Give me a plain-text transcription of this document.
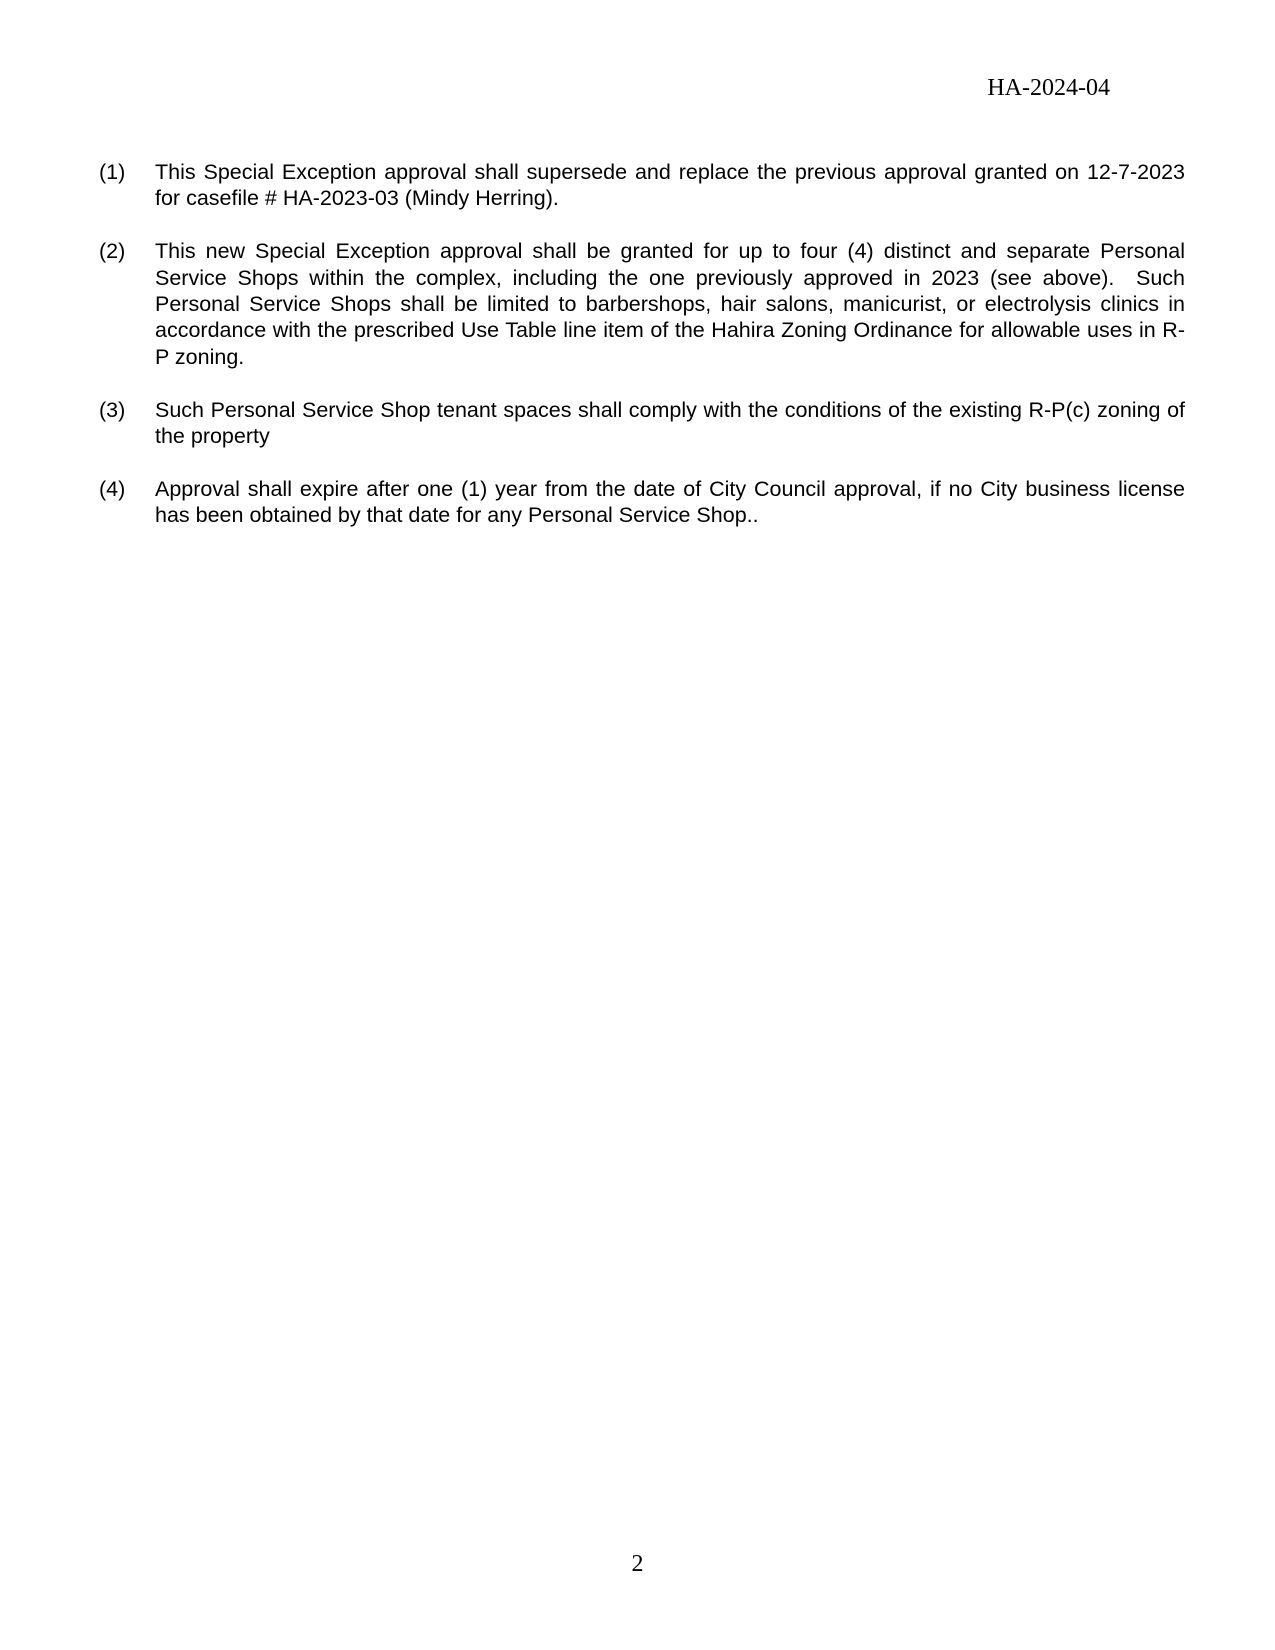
HA-2024-04
(1)	This Special Exception approval shall supersede and replace the previous approval granted on 12-7-2023 for casefile # HA-2023-03 (Mindy Herring).
(2)	This new Special Exception approval shall be granted for up to four (4) distinct and separate Personal Service Shops within the complex, including the one previously approved in 2023 (see above).  Such Personal Service Shops shall be limited to barbershops, hair salons, manicurist, or electrolysis clinics in accordance with the prescribed Use Table line item of the Hahira Zoning Ordinance for allowable uses in R-P zoning.
(3)	Such Personal Service Shop tenant spaces shall comply with the conditions of the existing R-P(c) zoning of the property
(4)	Approval shall expire after one (1) year from the date of City Council approval, if no City business license has been obtained by that date for any Personal Service Shop..
2
